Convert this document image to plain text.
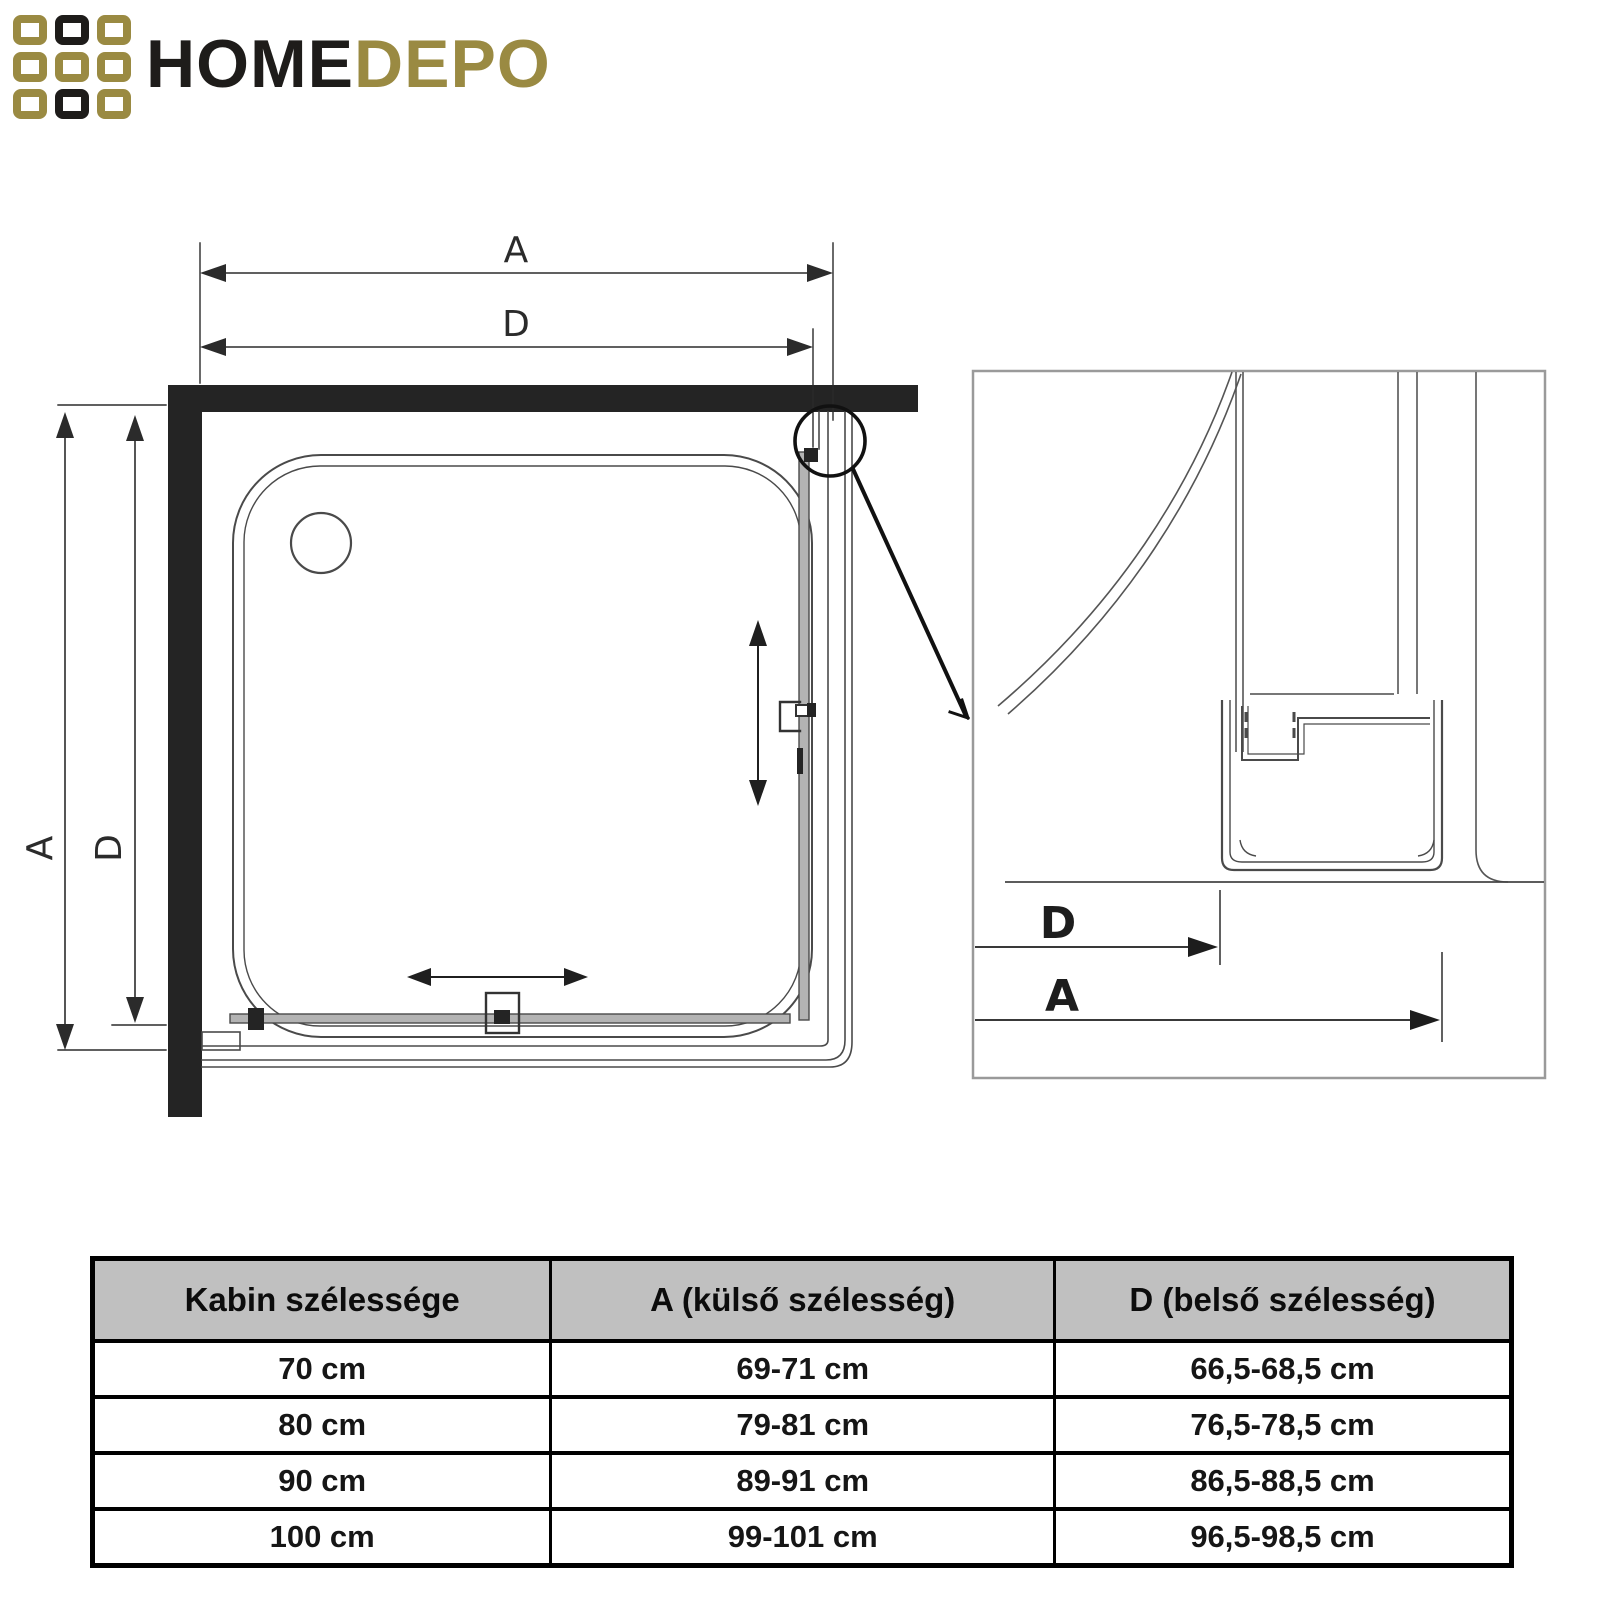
HOMEDEPO
A
D
A D
D
A
Kabin szélessége	A (külső szélesség)	D (belső szélesség)
70 cm	69-71 cm	66,5-68,5 cm
80 cm	79-81 cm	76,5-78,5 cm
90 cm	89-91 cm	86,5-88,5 cm
100 cm	99-101 cm	96,5-98,5 cm
